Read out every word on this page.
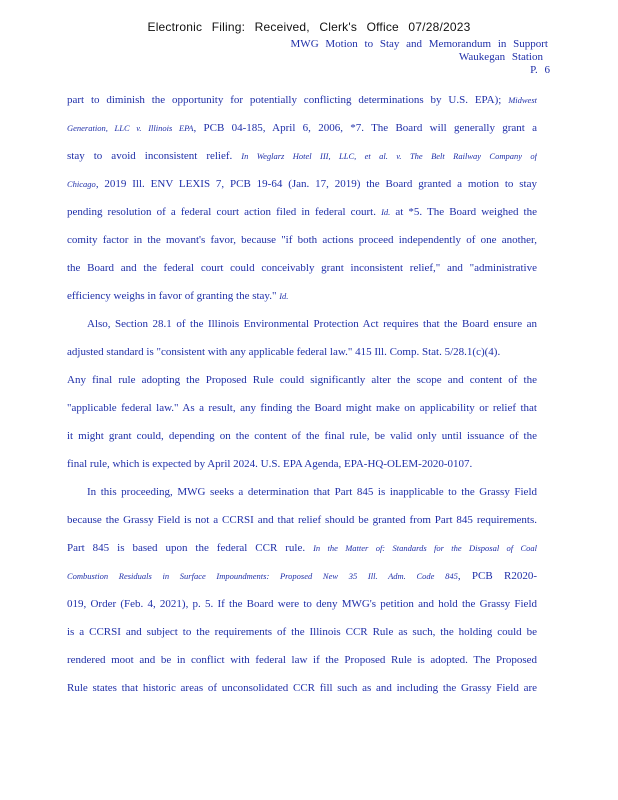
Electronic Filing: Received, Clerk's Office 07/28/2023
MWG Motion to Stay and Memorandum in Support
Waukegan Station
P. 6
part to diminish the opportunity for potentially conflicting determinations by U.S. EPA); Midwest
Generation, LLC v. Illinois EPA, PCB 04-185, April 6, 2006, *7. The Board will generally grant a
stay to avoid inconsistent relief. In Weglarz Hotel III, LLC, et al. v. The Belt Railway Company of
Chicago, 2019 Ill. ENV LEXIS 7, PCB 19-64 (Jan. 17, 2019) the Board granted a motion to stay
pending resolution of a federal court action filed in federal court. Id. at *5. The Board weighed the
comity factor in the movant's favor, because "if both actions proceed independently of one another,
the Board and the federal court could conceivably grant inconsistent relief," and "administrative
efficiency weighs in favor of granting the stay." Id.
Also, Section 28.1 of the Illinois Environmental Protection Act requires that the Board ensure an
adjusted standard is "consistent with any applicable federal law." 415 Ill. Comp. Stat. 5/28.1(c)(4).
Any final rule adopting the Proposed Rule could significantly alter the scope and content of the
"applicable federal law." As a result, any finding the Board might make on applicability or relief that
it might grant could, depending on the content of the final rule, be valid only until issuance of the
final rule, which is expected by April 2024. U.S. EPA Agenda, EPA-HQ-OLEM-2020-0107.
In this proceeding, MWG seeks a determination that Part 845 is inapplicable to the Grassy Field
because the Grassy Field is not a CCRSI and that relief should be granted from Part 845 requirements.
Part 845 is based upon the federal CCR rule. In the Matter of: Standards for the Disposal of Coal
Combustion Residuals in Surface Impoundments: Proposed New 35 Ill. Adm. Code 845, PCB R2020-
019, Order (Feb. 4, 2021), p. 5. If the Board were to deny MWG's petition and hold the Grassy Field
is a CCRSI and subject to the requirements of the Illinois CCR Rule as such, the holding could be
rendered moot and be in conflict with federal law if the Proposed Rule is adopted. The Proposed
Rule states that historic areas of unconsolidated CCR fill such as and including the Grassy Field are
